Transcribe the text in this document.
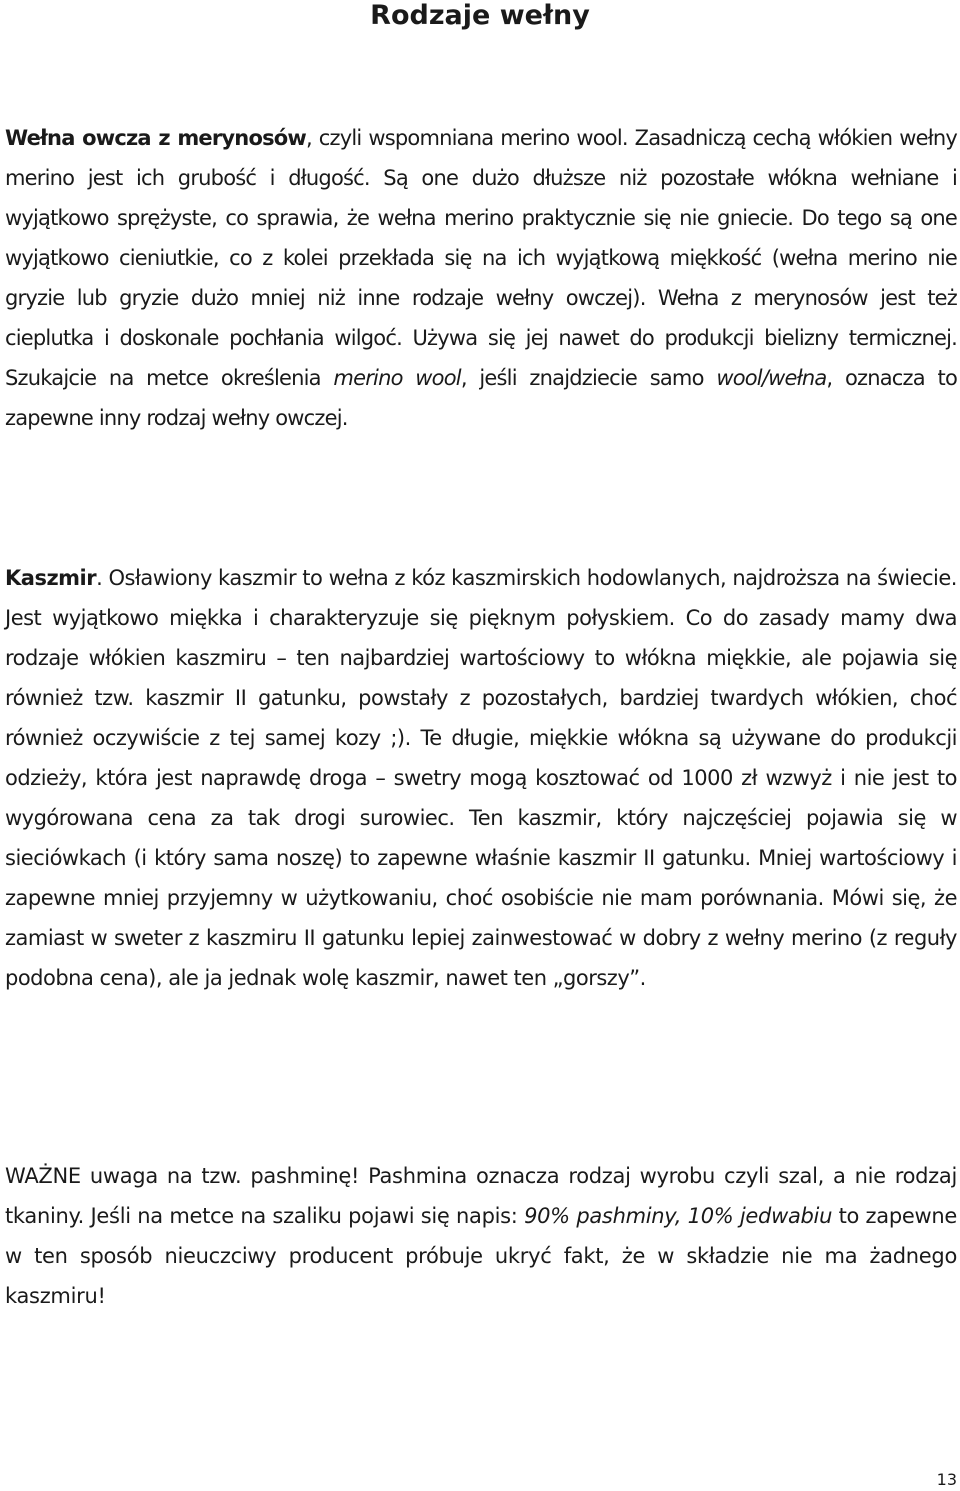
Rodzaje wełny

Wełna owcza z merynosów, czyli wspomniana merino wool. Zasadniczą cechą włókien wełny merino jest ich grubość i długość. Są one dużo dłuższe niż pozostałe włókna wełniane i wyjątkowo sprężyste, co sprawia, że wełna merino praktycznie się nie gniecie. Do tego są one wyjątkowo cieniutkie, co z kolei przekłada się na ich wyjątkową miękkość (wełna merino nie gryzie lub gryzie dużo mniej niż inne rodzaje wełny owczej). Wełna z merynosów jest też cieplutka i doskonale pochłania wilgoć. Używa się jej nawet do produkcji bielizny termicznej. Szukajcie na metce określenia merino wool, jeśli znajdziecie samo wool/wełna, oznacza to zapewne inny rodzaj wełny owczej.

Kaszmir. Osławiony kaszmir to wełna z kóz kaszmirskich hodowlanych, najdroższa na świecie. Jest wyjątkowo miękka i charakteryzuje się pięknym połyskiem. Co do zasady mamy dwa rodzaje włókien kaszmiru – ten najbardziej wartościowy to włókna miękkie, ale pojawia się również tzw. kaszmir II gatunku, powstały z pozostałych, bardziej twardych włókien, choć również oczywiście z tej samej kozy ;). Te długie, miękkie włókna są używane do produkcji odzieży, która jest naprawdę droga – swetry mogą kosztować od 1000 zł wzwyż i nie jest to wygórowana cena za tak drogi surowiec. Ten kaszmir, który najczęściej pojawia się w sieciówkach (i który sama noszę) to zapewne właśnie kaszmir II gatunku. Mniej wartościowy i zapewne mniej przyjemny w użytkowaniu, choć osobiście nie mam porównania. Mówi się, że zamiast w sweter z kaszmiru II gatunku lepiej zainwestować w dobry z wełny merino (z reguły podobna cena), ale ja jednak wolę kaszmir, nawet ten „gorszy”.

WAŻNE uwaga na tzw. pashminę! Pashmina oznacza rodzaj wyrobu czyli szal, a nie rodzaj tkaniny. Jeśli na metce na szaliku pojawi się napis: 90% pashminy, 10% jedwabiu to zapewne w ten sposób nieuczciwy producent próbuje ukryć fakt, że w składzie nie ma żadnego kaszmiru!

13
